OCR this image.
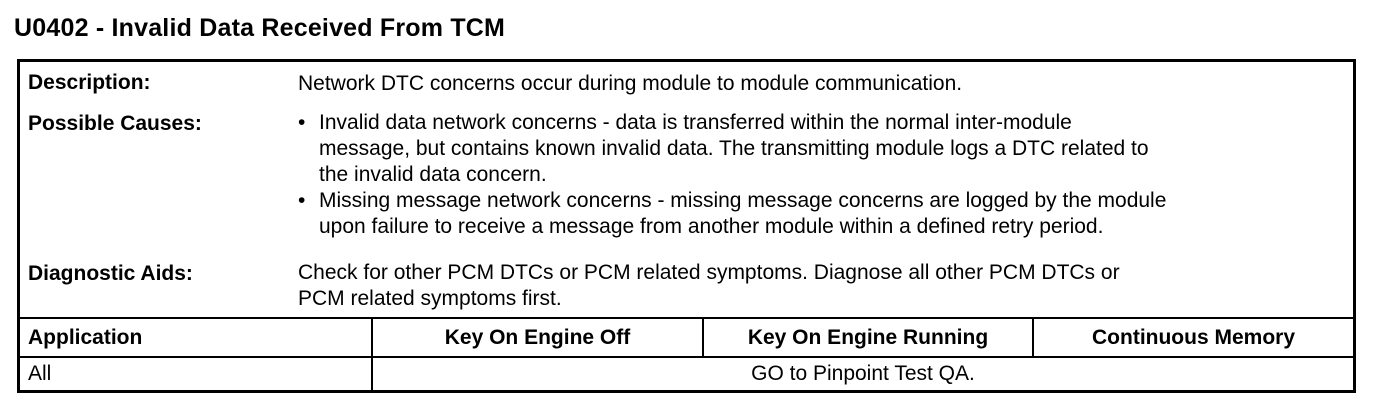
U0402 - Invalid Data Received From TCM
Description:	Network DTC concerns occur during module to module communication.
Possible Causes:	• Invalid data network concerns - data is transferred within the normal inter-module
message, but contains known invalid data. The transmitting module logs a DTC related to
the invalid data concern.
• Missing message network concerns - missing message concerns are logged by the module
upon failure to receive a message from another module within a defined retry period.
Diagnostic Aids:	Check for other PCM DTCs or PCM related symptoms. Diagnose all other PCM DTCs or
PCM related symptoms first.
Application	Key On Engine Off	Key On Engine Running	Continuous Memory
All	GO to Pinpoint Test QA.
